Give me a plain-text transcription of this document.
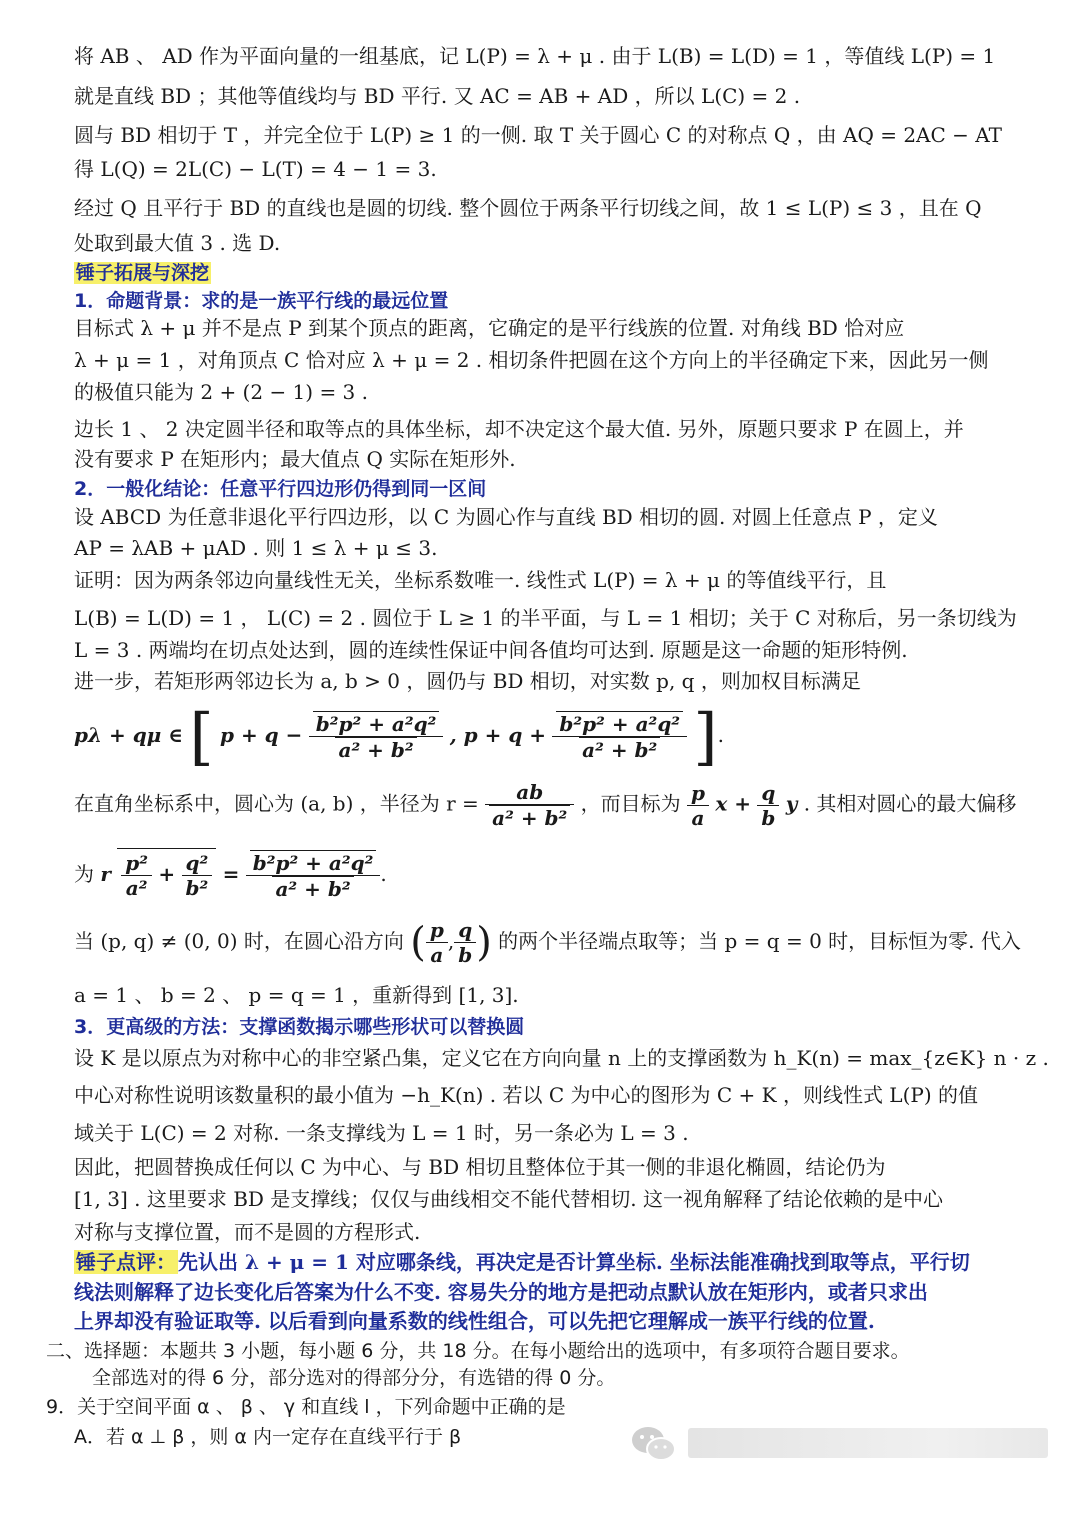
将 AB 、 AD 作为平面向量的一组基底，记 L(P) = λ + μ . 由于 L(B) = L(D) = 1 ，等值线 L(P) = 1
就是直线 BD ；其他等值线均与 BD 平行. 又 AC = AB + AD ，所以 L(C) = 2 .
圆与 BD 相切于 T ，并完全位于 L(P) ≥ 1 的一侧. 取 T 关于圆心 C 的对称点 Q ，由 AQ = 2AC − AT
得 L(Q) = 2L(C) − L(T) = 4 − 1 = 3.
经过 Q 且平行于 BD 的直线也是圆的切线. 整个圆位于两条平行切线之间，故 1 ≤ L(P) ≤ 3 ，且在 Q
处取到最大值 3 . 选 D.
锤子拓展与深挖
1．命题背景：求的是一族平行线的最远位置
目标式 λ + μ 并不是点 P 到某个顶点的距离，它确定的是平行线族的位置. 对角线 BD 恰对应
λ + μ = 1 ，对角顶点 C 恰对应 λ + μ = 2 . 相切条件把圆在这个方向上的半径确定下来，因此另一侧
的极值只能为 2 + (2 − 1) = 3 .
边长 1 、 2 决定圆半径和取等点的具体坐标，却不决定这个最大值. 另外，原题只要求 P 在圆上，并
没有要求 P 在矩形内；最大值点 Q 实际在矩形外.
2．一般化结论：任意平行四边形仍得到同一区间
设 ABCD 为任意非退化平行四边形，以 C 为圆心作与直线 BD 相切的圆. 对圆上任意点 P ，定义
AP = λAB + μAD . 则 1 ≤ λ + μ ≤ 3.
证明：因为两条邻边向量线性无关，坐标系数唯一. 线性式 L(P) = λ + μ 的等值线平行，且
L(B) = L(D) = 1 ， L(C) = 2 . 圆位于 L ≥ 1 的半平面，与 L = 1 相切；关于 C 对称后，另一条切线为
L = 3 . 两端均在切点处达到，圆的连续性保证中间各值均可达到. 原题是这一命题的矩形特例.
进一步，若矩形两邻边长为 a, b > 0 ，圆仍与 BD 相切，对实数 p, q ，则加权目标满足
pλ + qμ ∈ [ $p + q - \frac{\text{b²p² + a²q²}}{\text{a² + b²}}$ , $p + q + \frac{\text{b²p² + a²q²}}{\text{a² + b²}}$ ].
在直角坐标系中，圆心为 (a, b) ，半径为 $r = \frac{ab}{\text{a² + b²}}$ ，而目标为 $\frac{p}{a}$ $x + \frac{q}{b}$ y . 其相对圆心的最大偏移
为 r $\frac{\text{p²}}{\text{a²}} + \frac{\text{q²}}{\text{b²}} = \frac{\text{b²p² + a²q²}}{\text{a² + b²}}$ .
当 (p, q) ≠ (0, 0) 时，在圆心沿方向 ( $\frac{p}{a}$ , $\frac{q}{b}$ ) 的两个半径端点取等；当 p = q = 0 时，目标恒为零. 代入
a = 1 、 b = 2 、 p = q = 1 ，重新得到 [1, 3].
3．更高级的方法：支撑函数揭示哪些形状可以替换圆
设 K 是以原点为对称中心的非空紧凸集，定义它在方向向量 n 上的支撑函数为 h_K(n) = max_{z∈K} n · z .
中心对称性说明该数量积的最小值为 −h_K(n) . 若以 C 为中心的图形为 C + K ，则线性式 L(P) 的值
域关于 L(C) = 2 对称. 一条支撑线为 L = 1 时，另一条必为 L = 3 .
因此，把圆替换成任何以 C 为中心、与 BD 相切且整体位于其一侧的非退化椭圆，结论仍为
[1, 3] . 这里要求 BD 是支撑线；仅仅与曲线相交不能代替相切. 这一视角解释了结论依赖的是中心
对称与支撑位置，而不是圆的方程形式.
锤子点评： 先认出 λ + μ = 1 对应哪条线，再决定是否计算坐标. 坐标法能准确找到取等点，平行切
线法则解释了边长变化后答案为什么不变. 容易失分的地方是把动点默认放在矩形内，或者只求出
上界却没有验证取等. 以后看到向量系数的线性组合，可以先把它理解成一族平行线的位置.
二、选择题：本题共 3 小题，每小题 6 分，共 18 分。在每小题给出的选项中，有多项符合题目要求。
全部选对的得 6 分，部分选对的得部分分，有选错的得 0 分。
9．关于空间平面 α 、 β 、 γ 和直线 l ，下列命题中正确的是
A．若 α ⊥ β ，则 α 内一定存在直线平行于 β
